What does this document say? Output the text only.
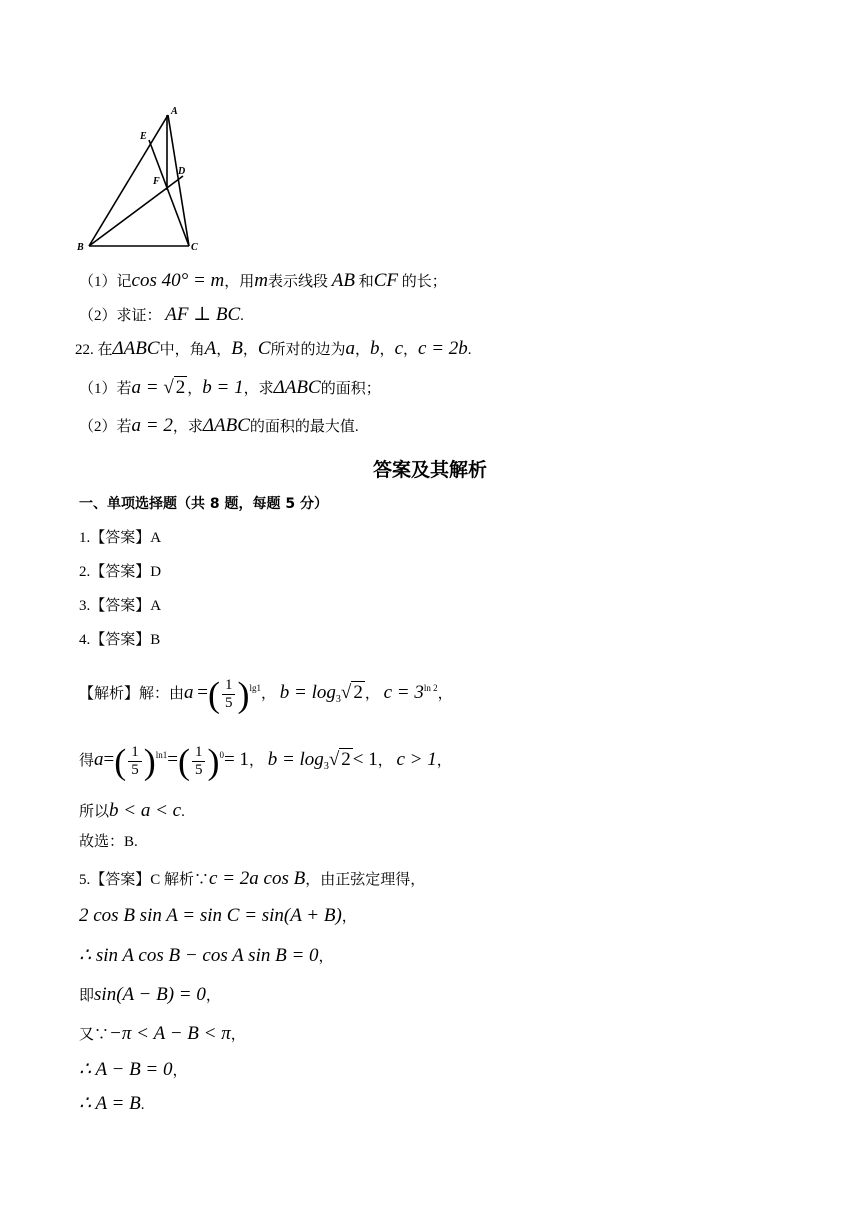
A
E
D
F
B	C
（1）记cos 40° = m，用m表示线段 AB 和CF 的长；
（2）求证： AF ⊥ BC.
22. 在ΔABC中，角A，B，C所对的边为a，b，c，c = 2b.
（1）若a = √ 2 ，b = 1，求ΔABC的面积；
（2）若a = 2，求ΔABC的面积的最大值.
答案及其解析
一、单项选择题（共 8 题，每题 5 分）
1.【答案】A
2.【答案】D
3.【答案】A
4.【答案】B
【解析】解：由a =( $\frac{1}{5} )^{lg1}$， $b = \log_3√$ 2 ， $c = 3^{ln 2}$，
得$a=( \frac{1}{5} )^{ln1}=( \frac{1}{5} )^0= 1$， $b = \log_3√$ 2 < 1， c > 1，
所以b < a < c.
故选：B.
5.【答案】C 解析∵c = 2a cos B，由正弦定理得，
2 cos B sin A = sin C = sin(A + B)，
∴ sin A cos B − cos A sin B = 0，
即sin(A − B) = 0，
又∵−π < A − B < π，
∴ A − B = 0，
∴ A = B.
